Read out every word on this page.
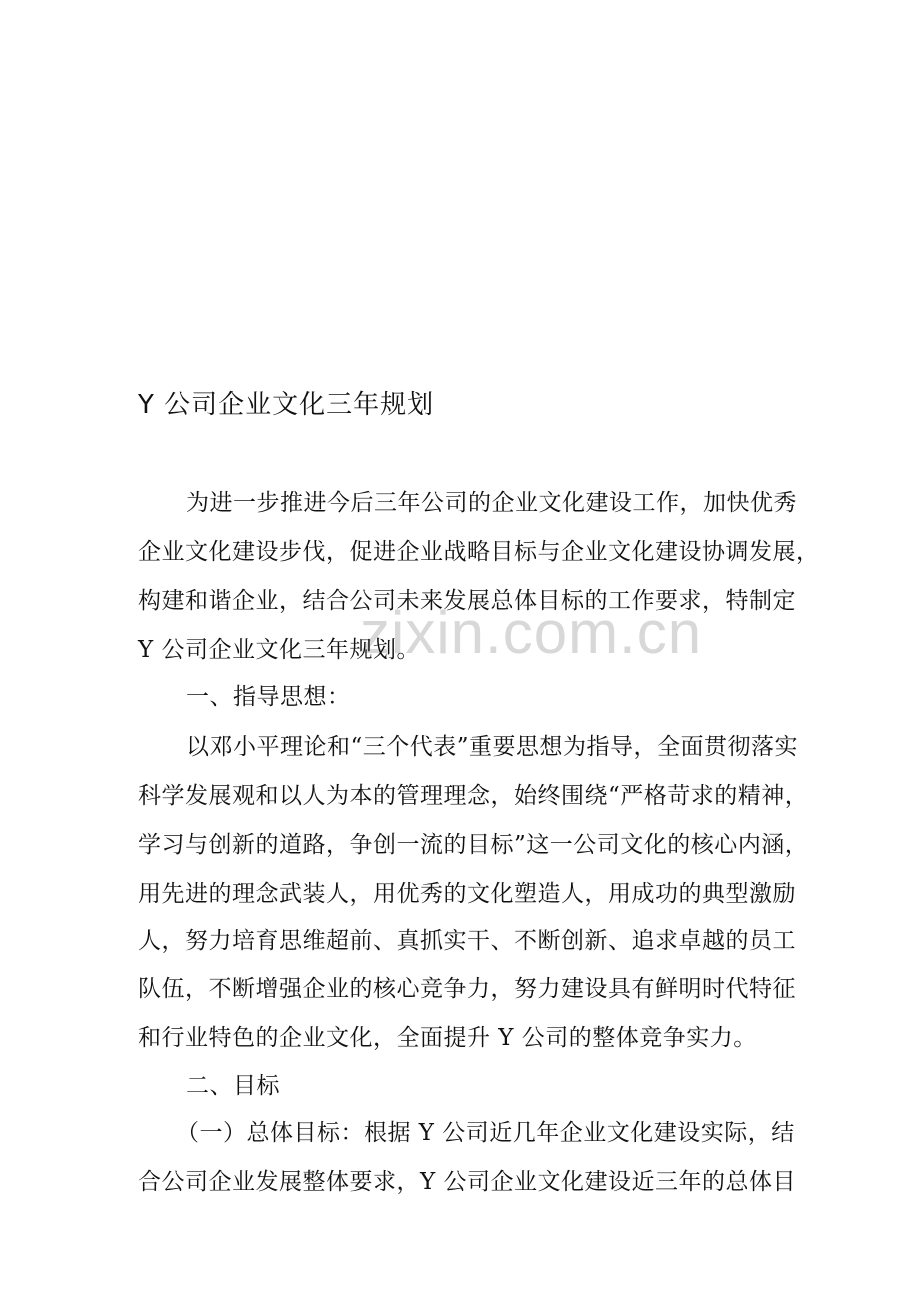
zixin.com.cn
Y 公司企业文化三年规划
为进一步推进今后三年公司的企业文化建设工作，加快优秀
企业文化建设步伐，促进企业战略目标与企业文化建设协调发展，
构建和谐企业，结合公司未来发展总体目标的工作要求，特制定
Y 公司企业文化三年规划。
一、指导思想：
以邓小平理论和“三个代表”重要思想为指导，全面贯彻落实
科学发展观和以人为本的管理理念，始终围绕“严格苛求的精神，
学习与创新的道路，争创一流的目标”这一公司文化的核心内涵，
用先进的理念武装人，用优秀的文化塑造人，用成功的典型激励
人，努力培育思维超前、真抓实干、不断创新、追求卓越的员工
队伍，不断增强企业的核心竞争力，努力建设具有鲜明时代特征
和行业特色的企业文化，全面提升 Y 公司的整体竞争实力。
二、目标
（一）总体目标：根据 Y 公司近几年企业文化建设实际，结
合公司企业发展整体要求，Y 公司企业文化建设近三年的总体目
